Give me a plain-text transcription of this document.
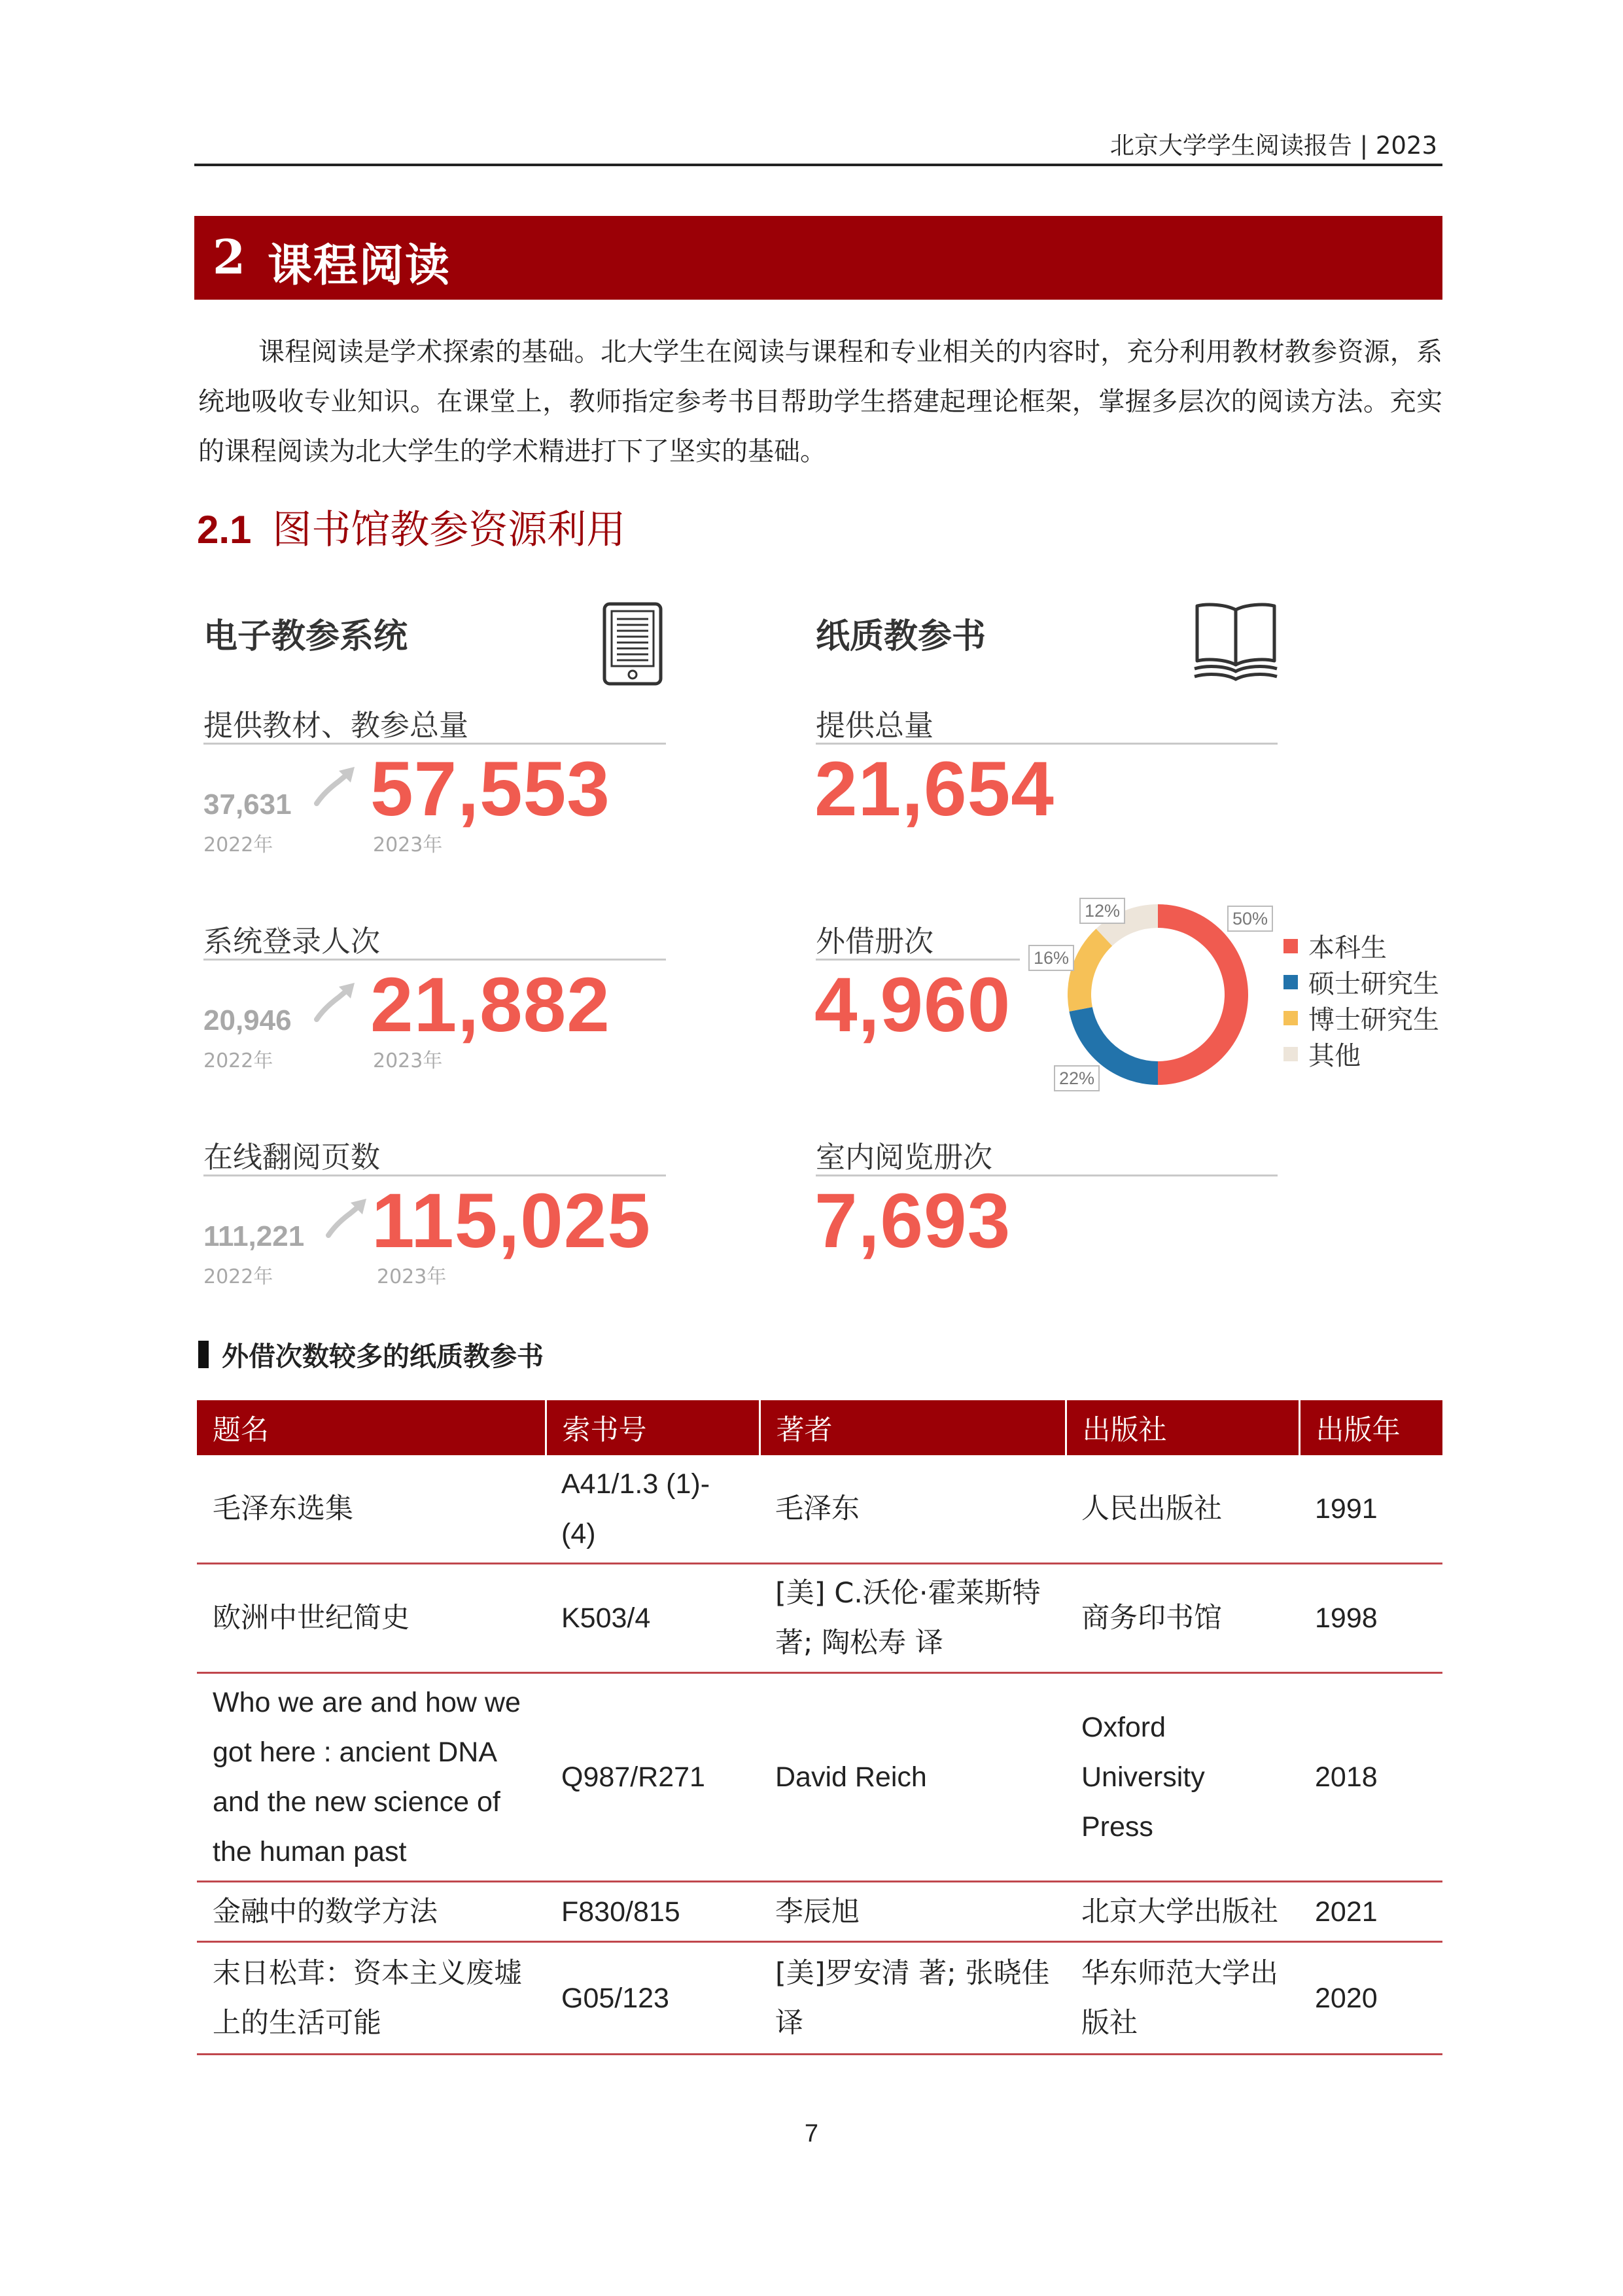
北京大学学生阅读报告 | 2023
2 课程阅读

课程阅读是学术探索的基础。北大学生在阅读与课程和专业相关的内容时，充分利用教材教参资源，系统地吸收专业知识。在课堂上，教师指定参考书目帮助学生搭建起理论框架，掌握多层次的阅读方法。充实的课程阅读为北大学生的学术精进打下了坚实的基础。

2.1 图书馆教参资源利用
电子教参系统
提供教材、教参总量
37,631
2022年
57,553
2023年
系统登录人次
20,946
2022年
21,882
2023年
在线翻阅页数
111,221
2022年
115,025
2023年
纸质教参书
提供总量
21,654
外借册次
4,960
室内阅览册次
7,693
50%
22%
16%
12%
本科生
硕士研究生
博士研究生
其他
外借次数较多的纸质教参书
题名	索书号	著者	出版社	出版年
毛泽东选集	A41/1.3 (1)-(4)	毛泽东	人民出版社	1991
欧洲中世纪简史	K503/4	[美] C.沃伦·霍莱斯特著; 陶松寿 译	商务印书馆	1998
Who we are and how we got here : ancient DNA and the new science of the human past	Q987/R271	David Reich	Oxford University Press	2018
金融中的数学方法	F830/815	李辰旭	北京大学出版社	2021
末日松茸：资本主义废墟上的生活可能	G05/123	[美]罗安清 著; 张晓佳 译	华东师范大学出版社	2020
7
